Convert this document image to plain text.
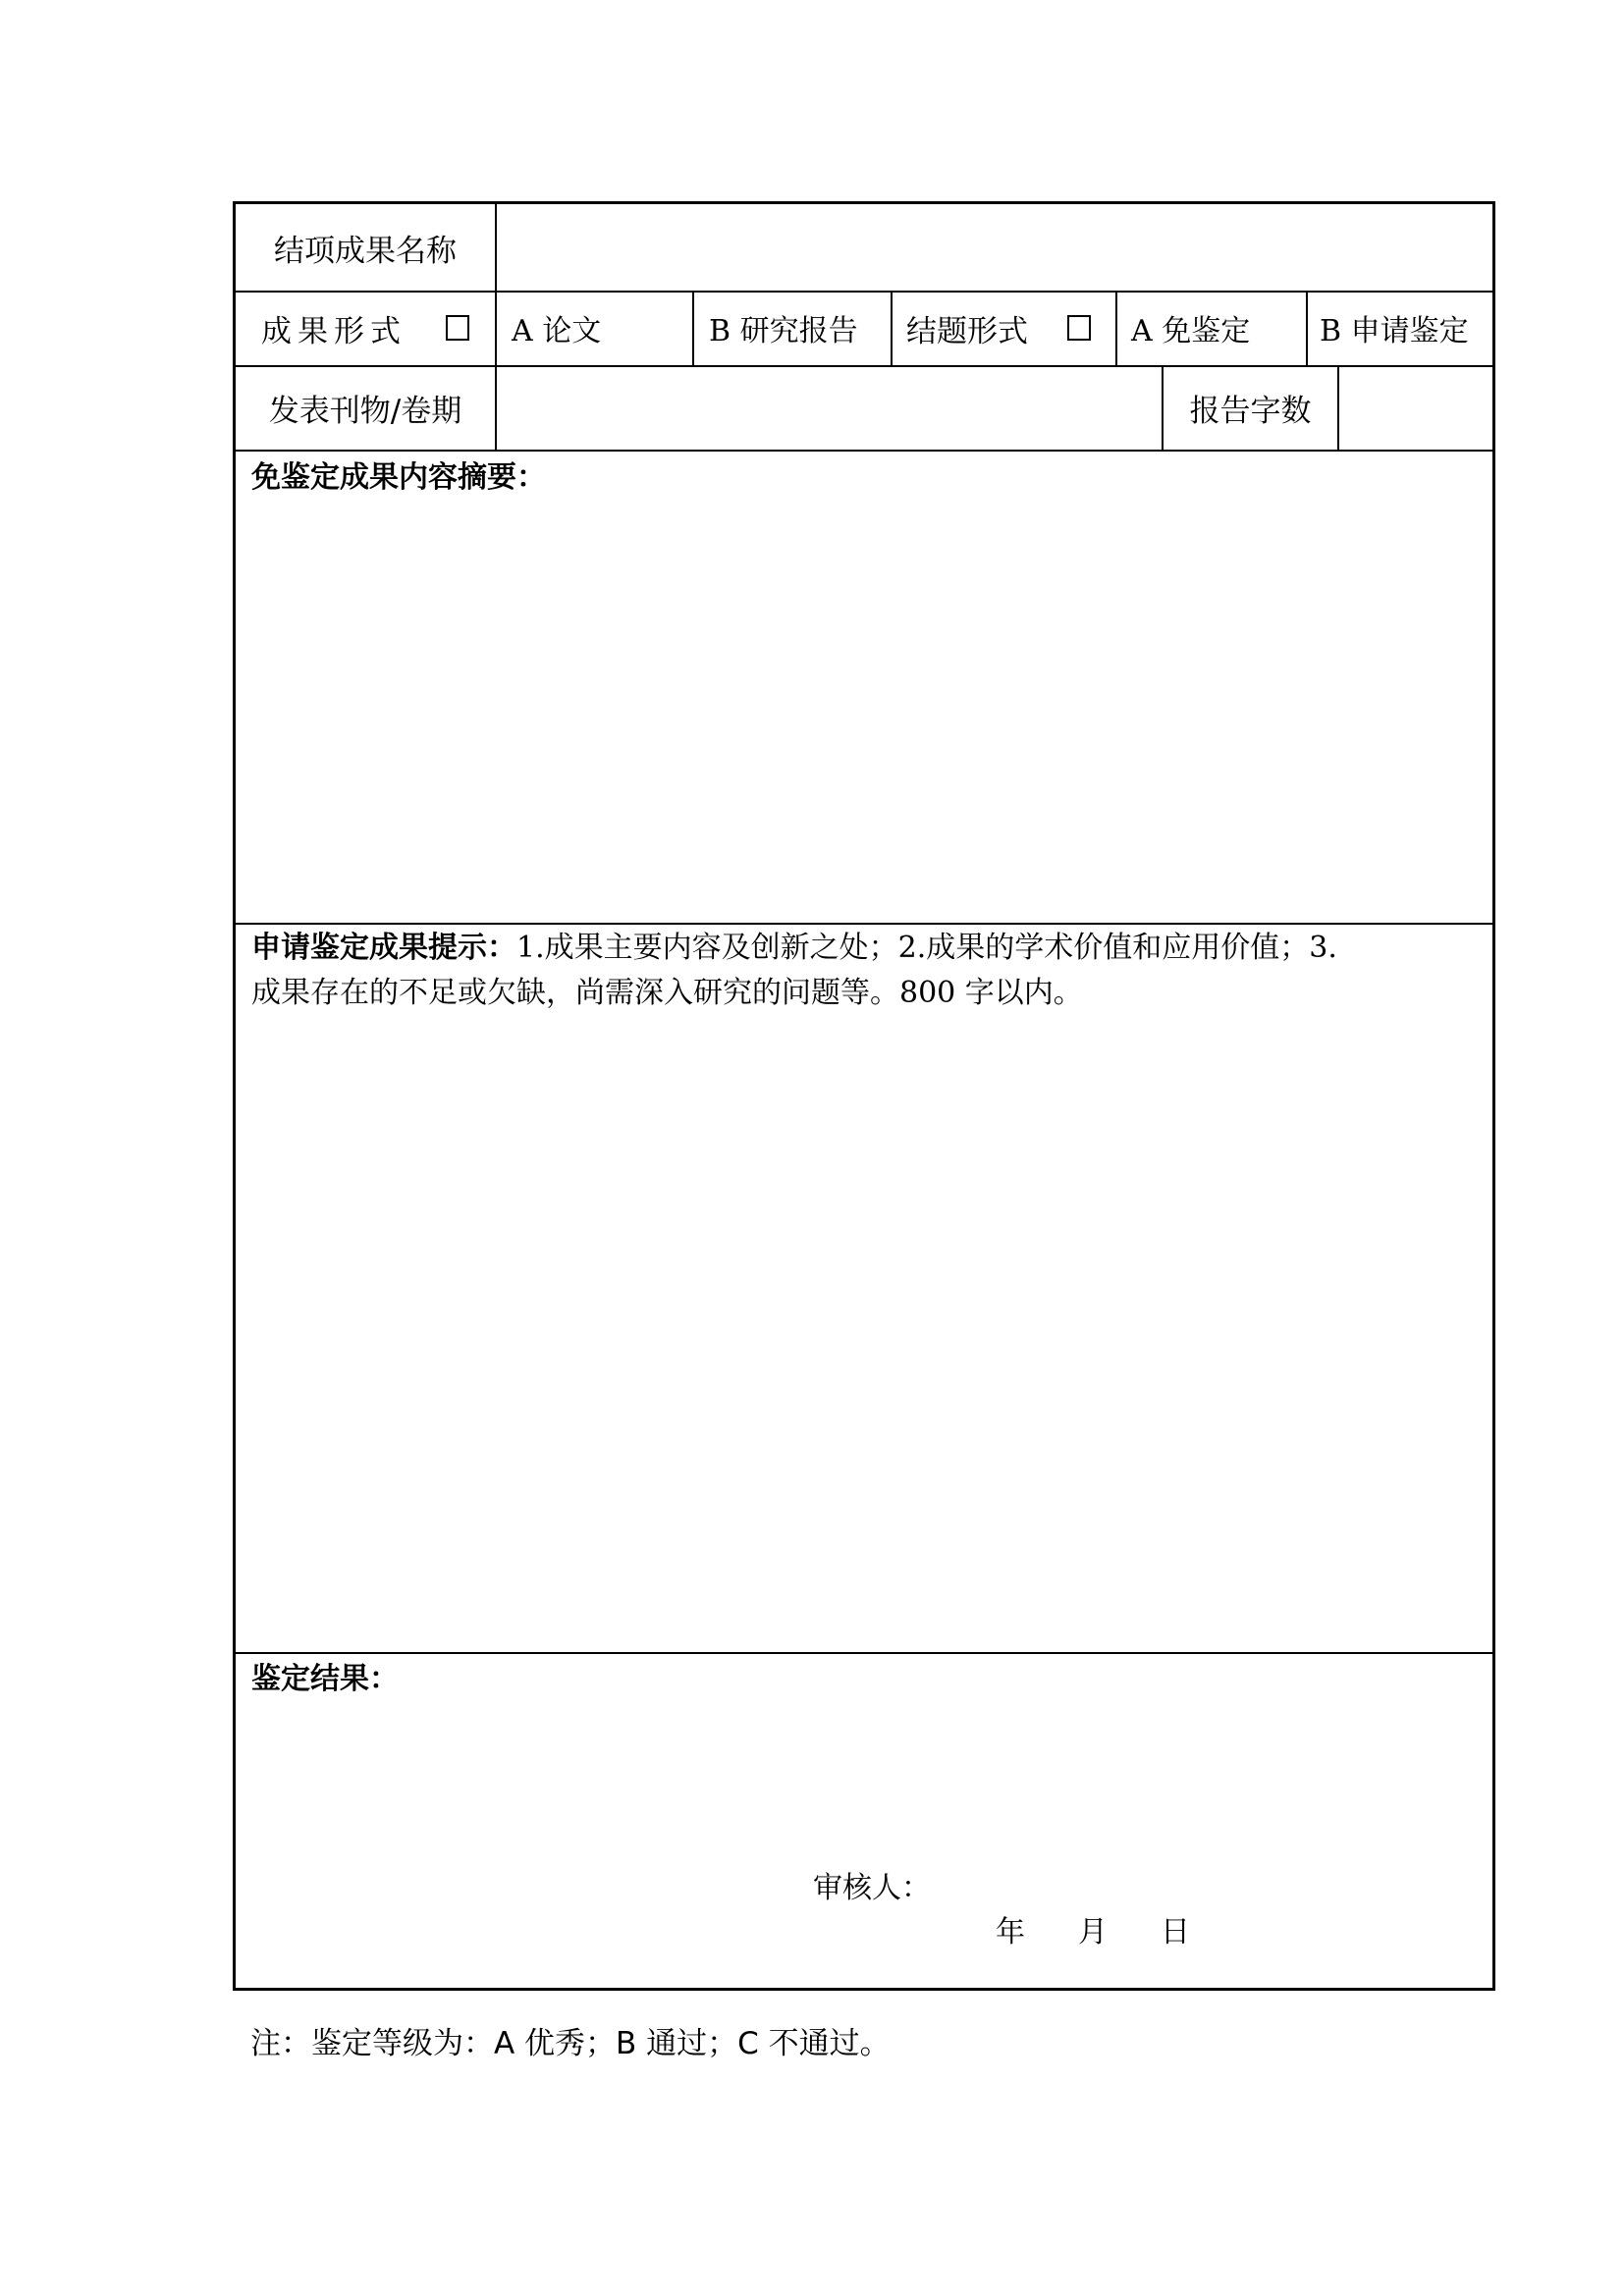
结项成果名称
成果形式	A 论文	B 研究报告	结题形式	A 免鉴定	B 申请鉴定
发表刊物/卷期	报告字数
免鉴定成果内容摘要：
申请鉴定成果提示：1.成果主要内容及创新之处；2.成果的学术价值和应用价值；3.
成果存在的不足或欠缺，尚需深入研究的问题等。800 字以内。
鉴定结果：
审核人：
年 月 日
注：鉴定等级为：A 优秀；B 通过；C 不通过。
